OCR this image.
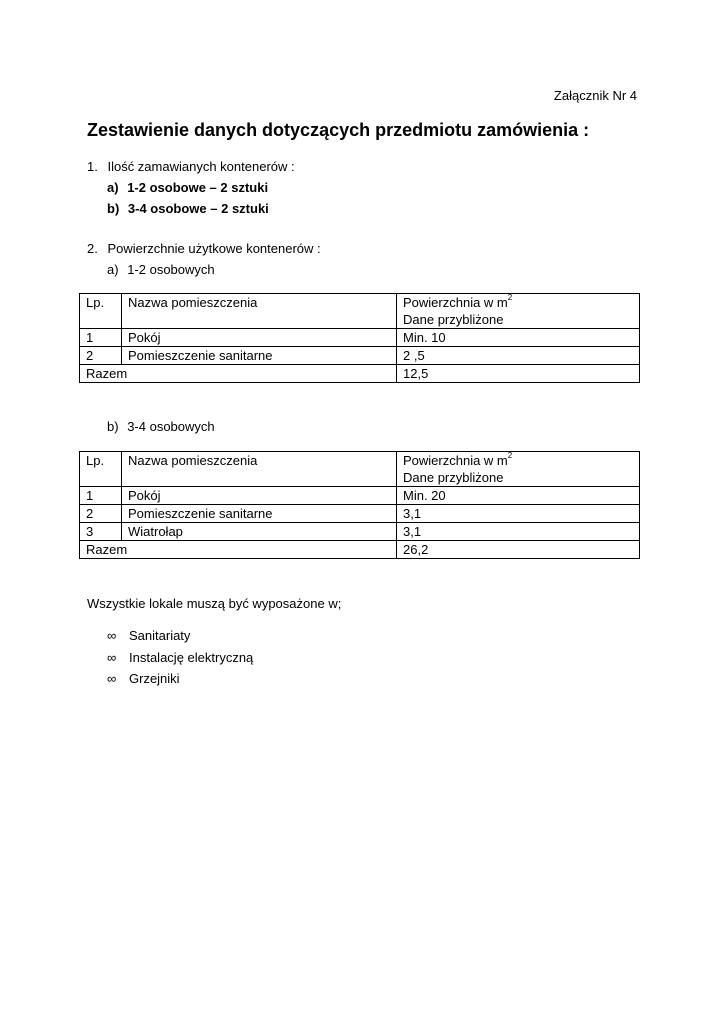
Załącznik Nr 4
Zestawienie danych dotyczących przedmiotu zamówienia :
1. Ilość zamawianych kontenerów :
a) 1-2 osobowe – 2 sztuki
b) 3-4 osobowe – 2 sztuki
2. Powierzchnie użytkowe kontenerów :
a) 1-2 osobowych
Lp.	Nazwa pomieszczenia	Powierzchnia w $m^2$
Dane przybliżone
1	Pokój	Min. 10
2	Pomieszczenie sanitarne	2 ,5
Razem		12,5
b) 3-4 osobowych
Lp.	Nazwa pomieszczenia	Powierzchnia w $m^2$
Dane przybliżone
1	Pokój	Min. 20
2	Pomieszczenie sanitarne	3,1
3	Wiatrołap	3,1
Razem		26,2
Wszystkie lokale muszą być wyposażone w;
∞ Sanitariaty
∞ Instalację elektryczną
∞ Grzejniki
